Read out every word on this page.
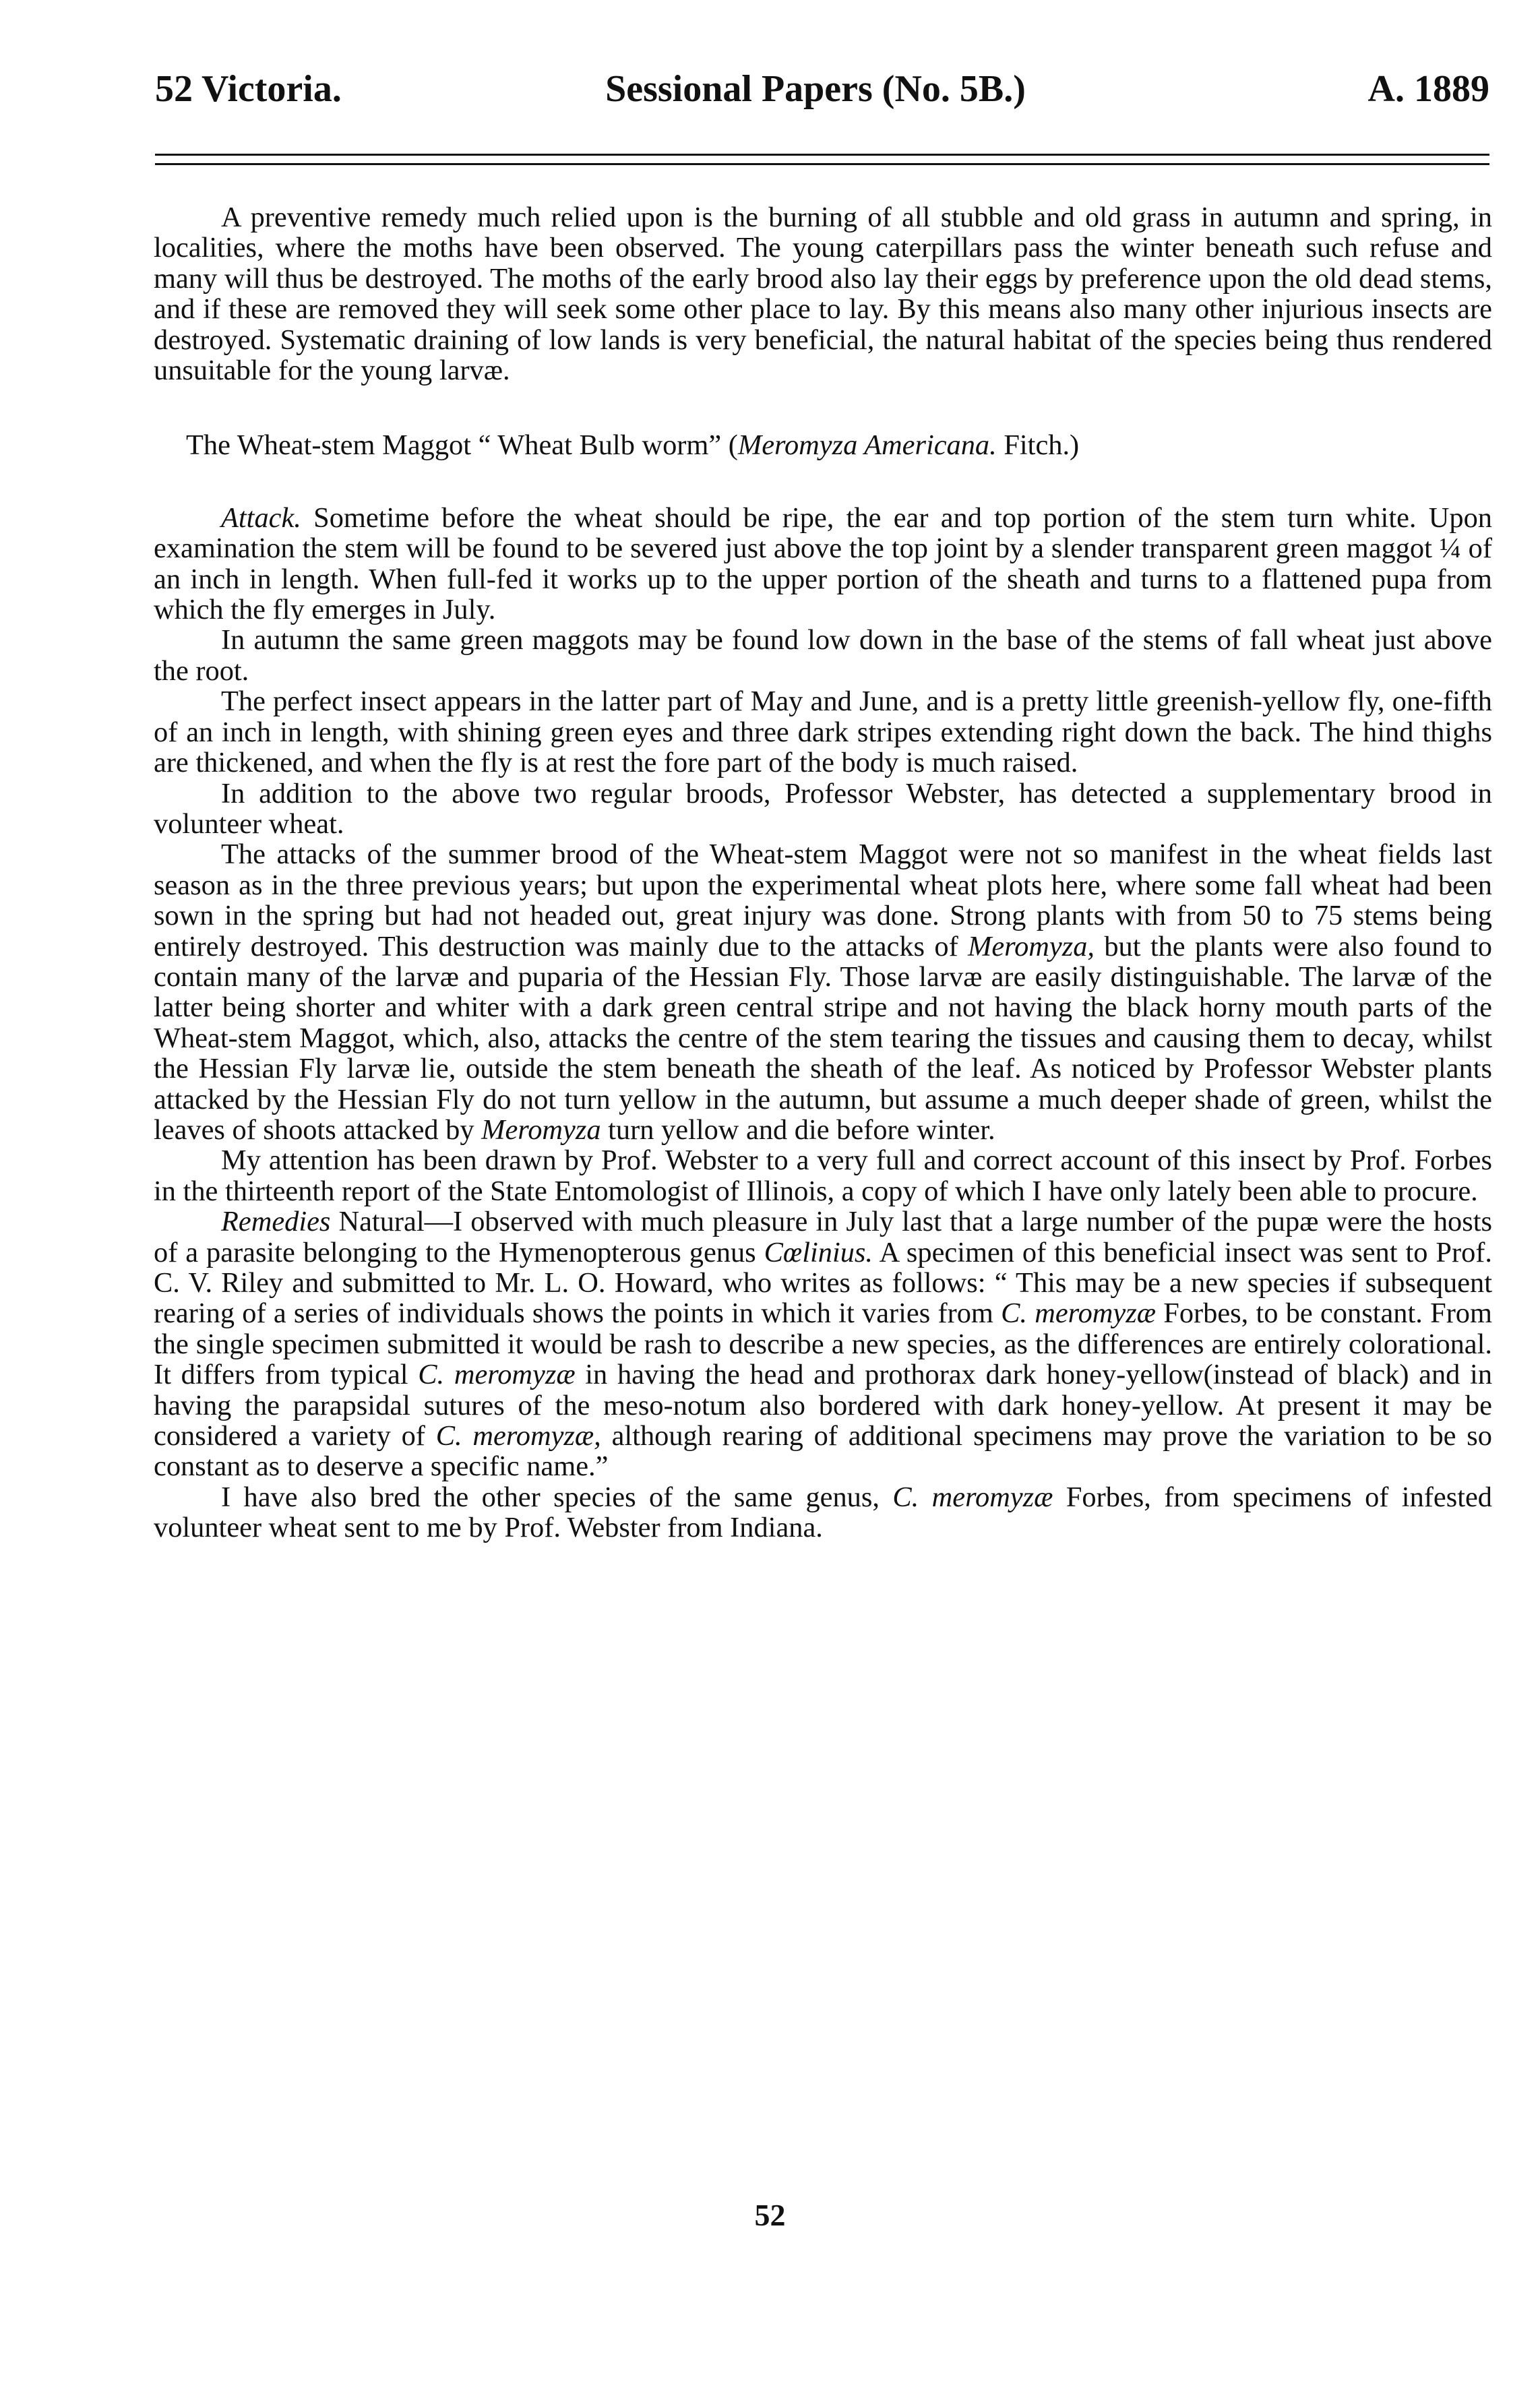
52 Victoria.	Sessional Papers (No. 5B.)	A. 1889

A preventive remedy much relied upon is the burning of all stubble and old grass in autumn and spring, in localities, where the moths have been observed. The young caterpillars pass the winter beneath such refuse and many will thus be destroyed. The moths of the early brood also lay their eggs by preference upon the old dead stems, and if these are removed they will seek some other place to lay. By this means also many other injurious insects are destroyed. Systematic draining of low lands is very beneficial, the natural habitat of the species being thus rendered unsuitable for the young larvæ.

The Wheat-stem Maggot “ Wheat Bulb worm” (Meromyza Americana. Fitch.)

Attack. Sometime before the wheat should be ripe, the ear and top portion of the stem turn white. Upon examination the stem will be found to be severed just above the top joint by a slender transparent green maggot ¼ of an inch in length. When full-fed it works up to the upper portion of the sheath and turns to a flattened pupa from which the fly emerges in July.

In autumn the same green maggots may be found low down in the base of the stems of fall wheat just above the root.

The perfect insect appears in the latter part of May and June, and is a pretty little greenish-yellow fly, one-fifth of an inch in length, with shining green eyes and three dark stripes extending right down the back. The hind thighs are thickened, and when the fly is at rest the fore part of the body is much raised.

In addition to the above two regular broods, Professor Webster, has detected a supplementary brood in volunteer wheat.

The attacks of the summer brood of the Wheat-stem Maggot were not so manifest in the wheat fields last season as in the three previous years; but upon the experimental wheat plots here, where some fall wheat had been sown in the spring but had not headed out, great injury was done. Strong plants with from 50 to 75 stems being entirely destroyed. This destruction was mainly due to the attacks of Meromyza, but the plants were also found to contain many of the larvæ and puparia of the Hessian Fly. Those larvæ are easily distinguishable. The larvæ of the latter being shorter and whiter with a dark green central stripe and not having the black horny mouth parts of the Wheat-stem Maggot, which, also, attacks the centre of the stem tearing the tissues and causing them to decay, whilst the Hessian Fly larvæ lie, outside the stem beneath the sheath of the leaf. As noticed by Professor Webster plants attacked by the Hessian Fly do not turn yellow in the autumn, but assume a much deeper shade of green, whilst the leaves of shoots attacked by Meromyza turn yellow and die before winter.

My attention has been drawn by Prof. Webster to a very full and correct account of this insect by Prof. Forbes in the thirteenth report of the State Entomologist of Illinois, a copy of which I have only lately been able to procure.

Remedies Natural—I observed with much pleasure in July last that a large number of the pupæ were the hosts of a parasite belonging to the Hymenopterous genus Cœlinius. A specimen of this beneficial insect was sent to Prof. C. V. Riley and submitted to Mr. L. O. Howard, who writes as follows: “ This may be a new species if subsequent rearing of a series of individuals shows the points in which it varies from C. meromyzæ Forbes, to be constant. From the single specimen submitted it would be rash to describe a new species, as the differences are entirely colorational. It differs from typical C. meromyzæ in having the head and prothorax dark honey-yellow(instead of black) and in having the parapsidal sutures of the meso-notum also bordered with dark honey-yellow. At present it may be considered a variety of C. meromyzæ, although rearing of additional specimens may prove the variation to be so constant as to deserve a specific name.”

I have also bred the other species of the same genus, C. meromyzæ Forbes, from specimens of infested volunteer wheat sent to me by Prof. Webster from Indiana.

52
